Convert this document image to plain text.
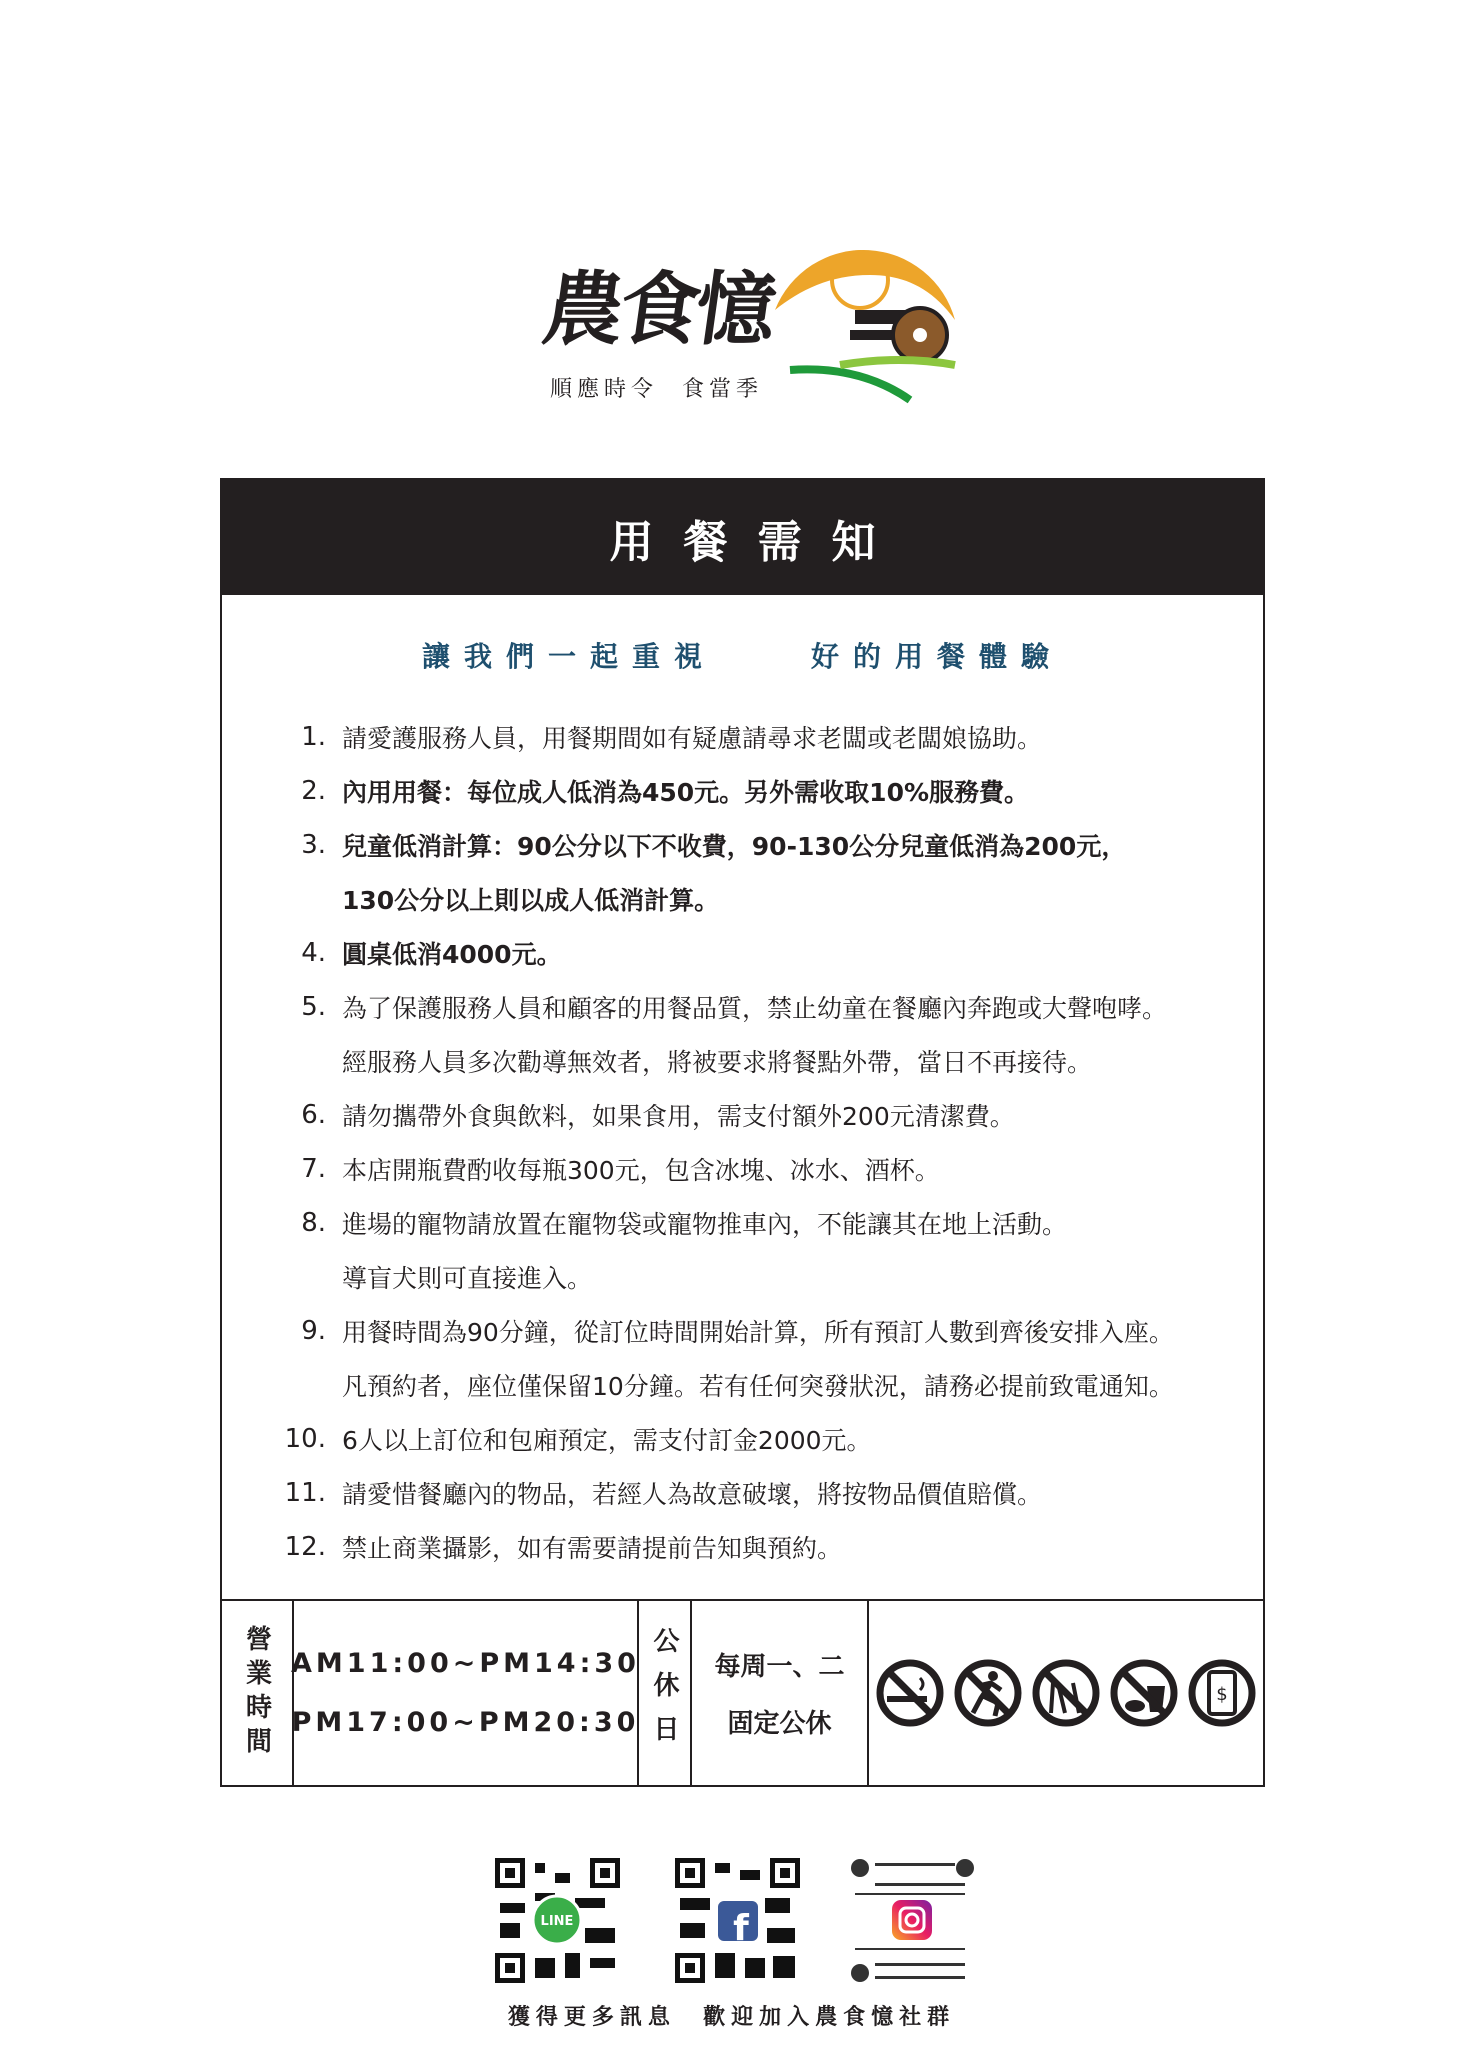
農食憶
順應時令  食當季
用餐需知
讓我們一起重視    好的用餐體驗
1. 請愛護服務人員，用餐期間如有疑慮請尋求老闆或老闆娘協助。
2. 內用用餐：每位成人低消為450元。另外需收取10%服務費。
3. 兒童低消計算：90公分以下不收費，90-130公分兒童低消為200元，
130公分以上則以成人低消計算。
4. 圓桌低消4000元。
5. 為了保護服務人員和顧客的用餐品質，禁止幼童在餐廳內奔跑或大聲咆哮。
經服務人員多次勸導無效者，將被要求將餐點外帶，當日不再接待。
6. 請勿攜帶外食與飲料，如果食用，需支付額外200元清潔費。
7. 本店開瓶費酌收每瓶300元，包含冰塊、冰水、酒杯。
8. 進場的寵物請放置在寵物袋或寵物推車內，不能讓其在地上活動。
導盲犬則可直接進入。
9. 用餐時間為90分鐘，從訂位時間開始計算，所有預訂人數到齊後安排入座。
凡預約者，座位僅保留10分鐘。若有任何突發狀況，請務必提前致電通知。
10. 6人以上訂位和包廂預定，需支付訂金2000元。
11. 請愛惜餐廳內的物品，若經人為故意破壞，將按物品價值賠償。
12. 禁止商業攝影，如有需要請提前告知與預約。
營業時間 AM11:00~PM14:30
PM17:00~PM20:30 公休日 每周一、二
固定公休
$
LINE	f
獲得更多訊息  歡迎加入農食憶社群
